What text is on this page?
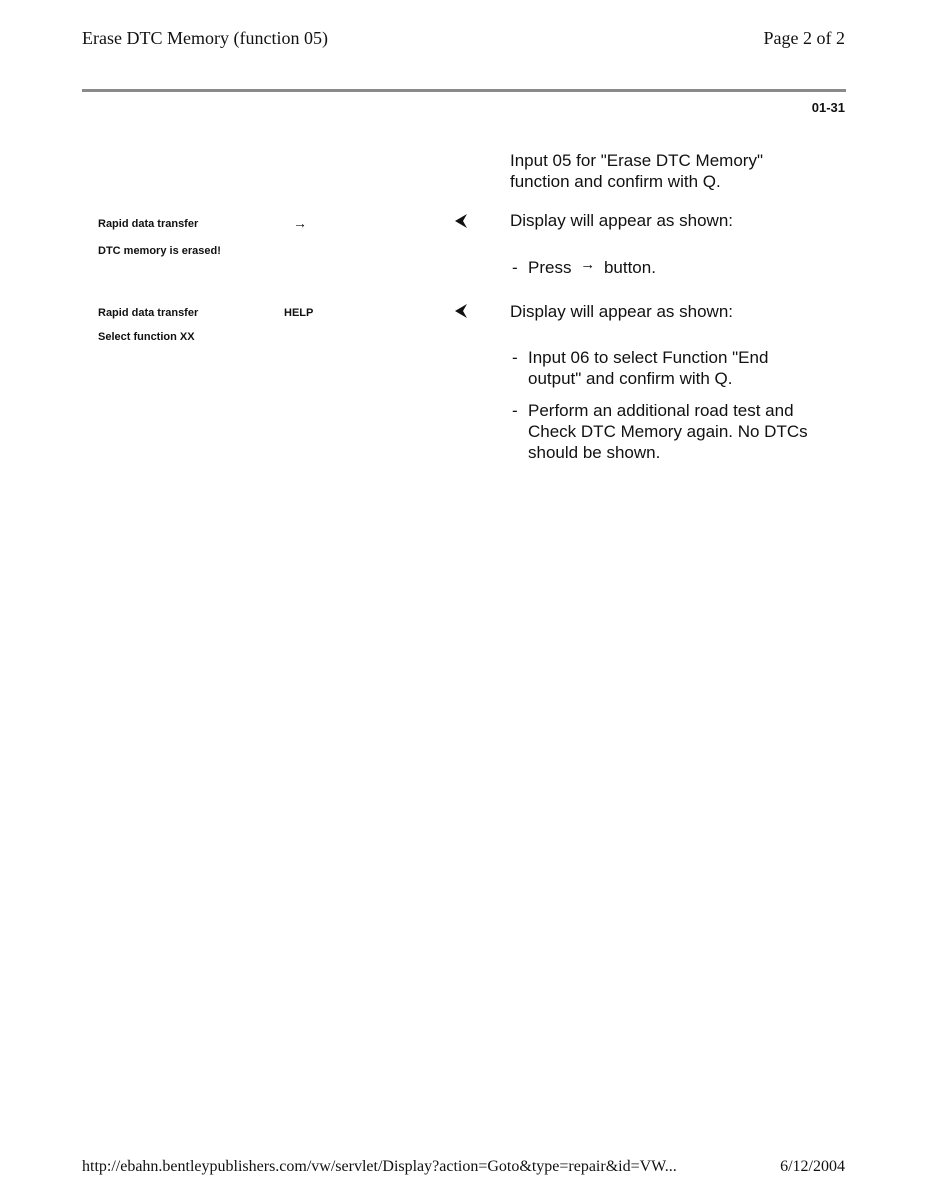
Erase DTC Memory (function 05)	Page 2 of 2
01-31
Input 05 for "Erase DTC Memory"
function and confirm with Q.
Rapid data transfer	→
DTC memory is erased!
Display will appear as shown:
- Press → button.
Rapid data transfer	HELP
Select function XX
Display will appear as shown:
- Input 06 to select Function "End
output" and confirm with Q.
- Perform an additional road test and
Check DTC Memory again. No DTCs
should be shown.
http://ebahn.bentleypublishers.com/vw/servlet/Display?action=Goto&type=repair&id=VW...	6/12/2004
